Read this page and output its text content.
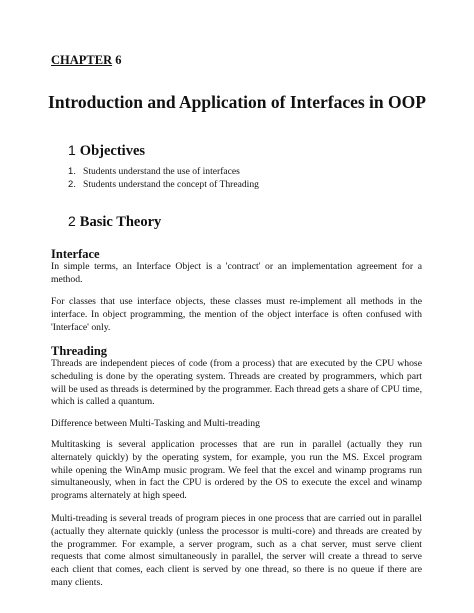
CHAPTER 6
Introduction and Application of Interfaces in OOP
1 Objectives
1. Students understand the use of interfaces
2. Students understand the concept of Threading
2 Basic Theory
Interface

In simple terms, an Interface Object is a 'contract' or an implementation agreement for a method.

For classes that use interface objects, these classes must re-implement all methods in the interface. In object programming, the mention of the object interface is often confused with 'Interface' only.

Threading

Threads are independent pieces of code (from a process) that are executed by the CPU whose scheduling is done by the operating system. Threads are created by programmers, which part will be used as threads is determined by the programmer. Each thread gets a share of CPU time, which is called a quantum.

Difference between Multi-Tasking and Multi-treading

Multitasking is several application processes that are run in parallel (actually they run alternately quickly) by the operating system, for example, you run the MS. Excel program while opening the WinAmp music program. We feel that the excel and winamp programs run simultaneously, when in fact the CPU is ordered by the OS to execute the excel and winamp programs alternately at high speed.

Multi-treading is several treads of program pieces in one process that are carried out in parallel (actually they alternate quickly (unless the processor is multi-core) and threads are created by the programmer. For example, a server program, such as a chat server, must serve client requests that come almost simultaneously in parallel, the server will create a thread to serve each client that comes, each client is served by one thread, so there is no queue if there are many clients.
